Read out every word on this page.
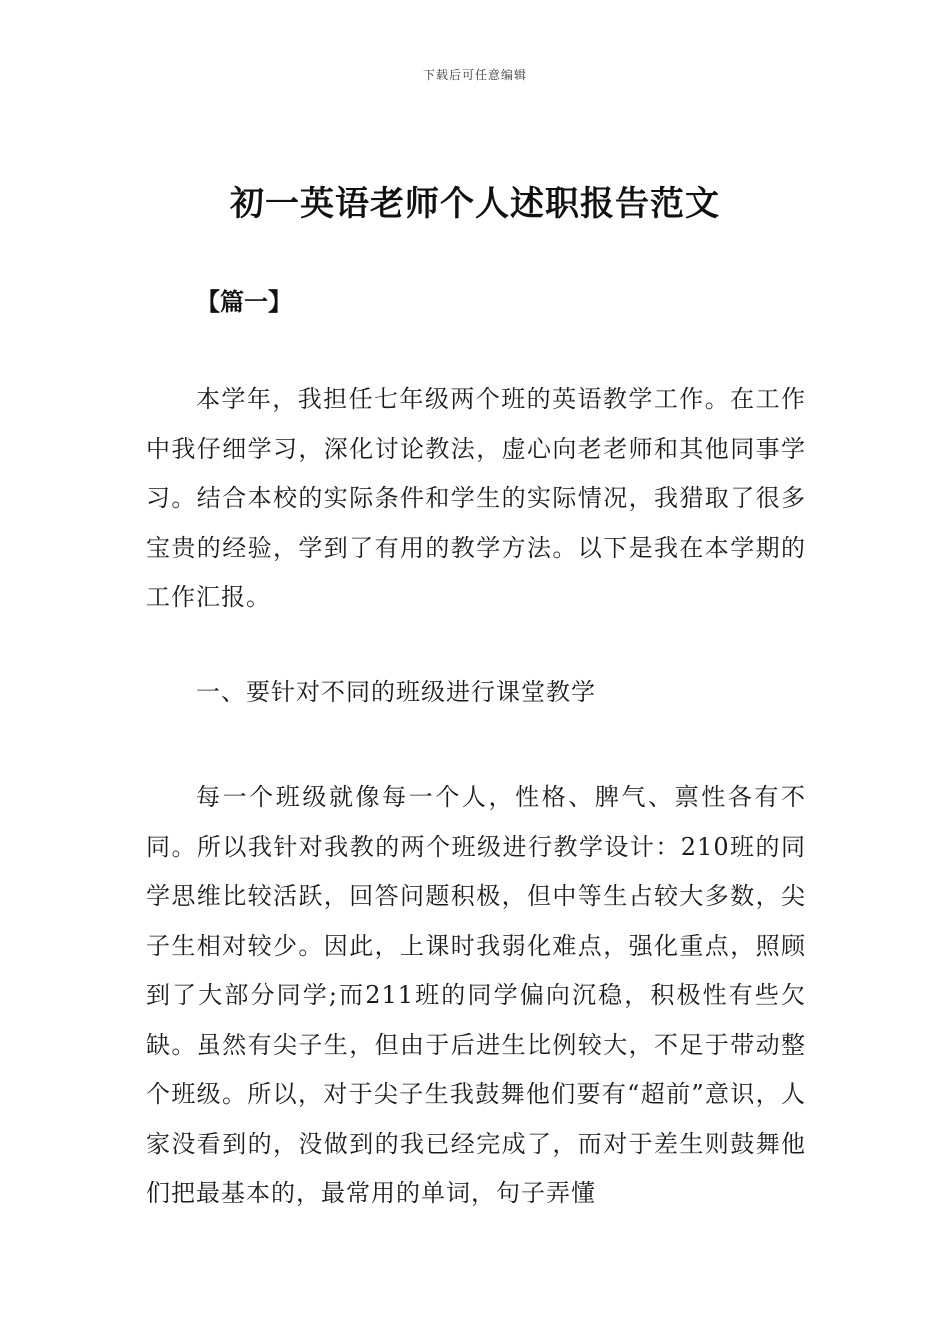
下载后可任意编辑
初一英语老师个人述职报告范文
【篇一】
本学年，我担任七年级两个班的英语教学工作。在工作中我仔细学习，深化讨论教法，虚心向老老师和其他同事学习。结合本校的实际条件和学生的实际情况，我猎取了很多宝贵的经验，学到了有用的教学方法。以下是我在本学期的工作汇报。
一、要针对不同的班级进行课堂教学
每一个班级就像每一个人，性格、脾气、禀性各有不同。所以我针对我教的两个班级进行教学设计：210班的同学思维比较活跃，回答问题积极，但中等生占较大多数，尖子生相对较少。因此，上课时我弱化难点，强化重点，照顾到了大部分同学;而211班的同学偏向沉稳，积极性有些欠缺。虽然有尖子生，但由于后进生比例较大，不足于带动整个班级。所以，对于尖子生我鼓舞他们要有“超前”意识，人家没看到的，没做到的我已经完成了，而对于差生则鼓舞他们把最基本的，最常用的单词，句子弄懂
